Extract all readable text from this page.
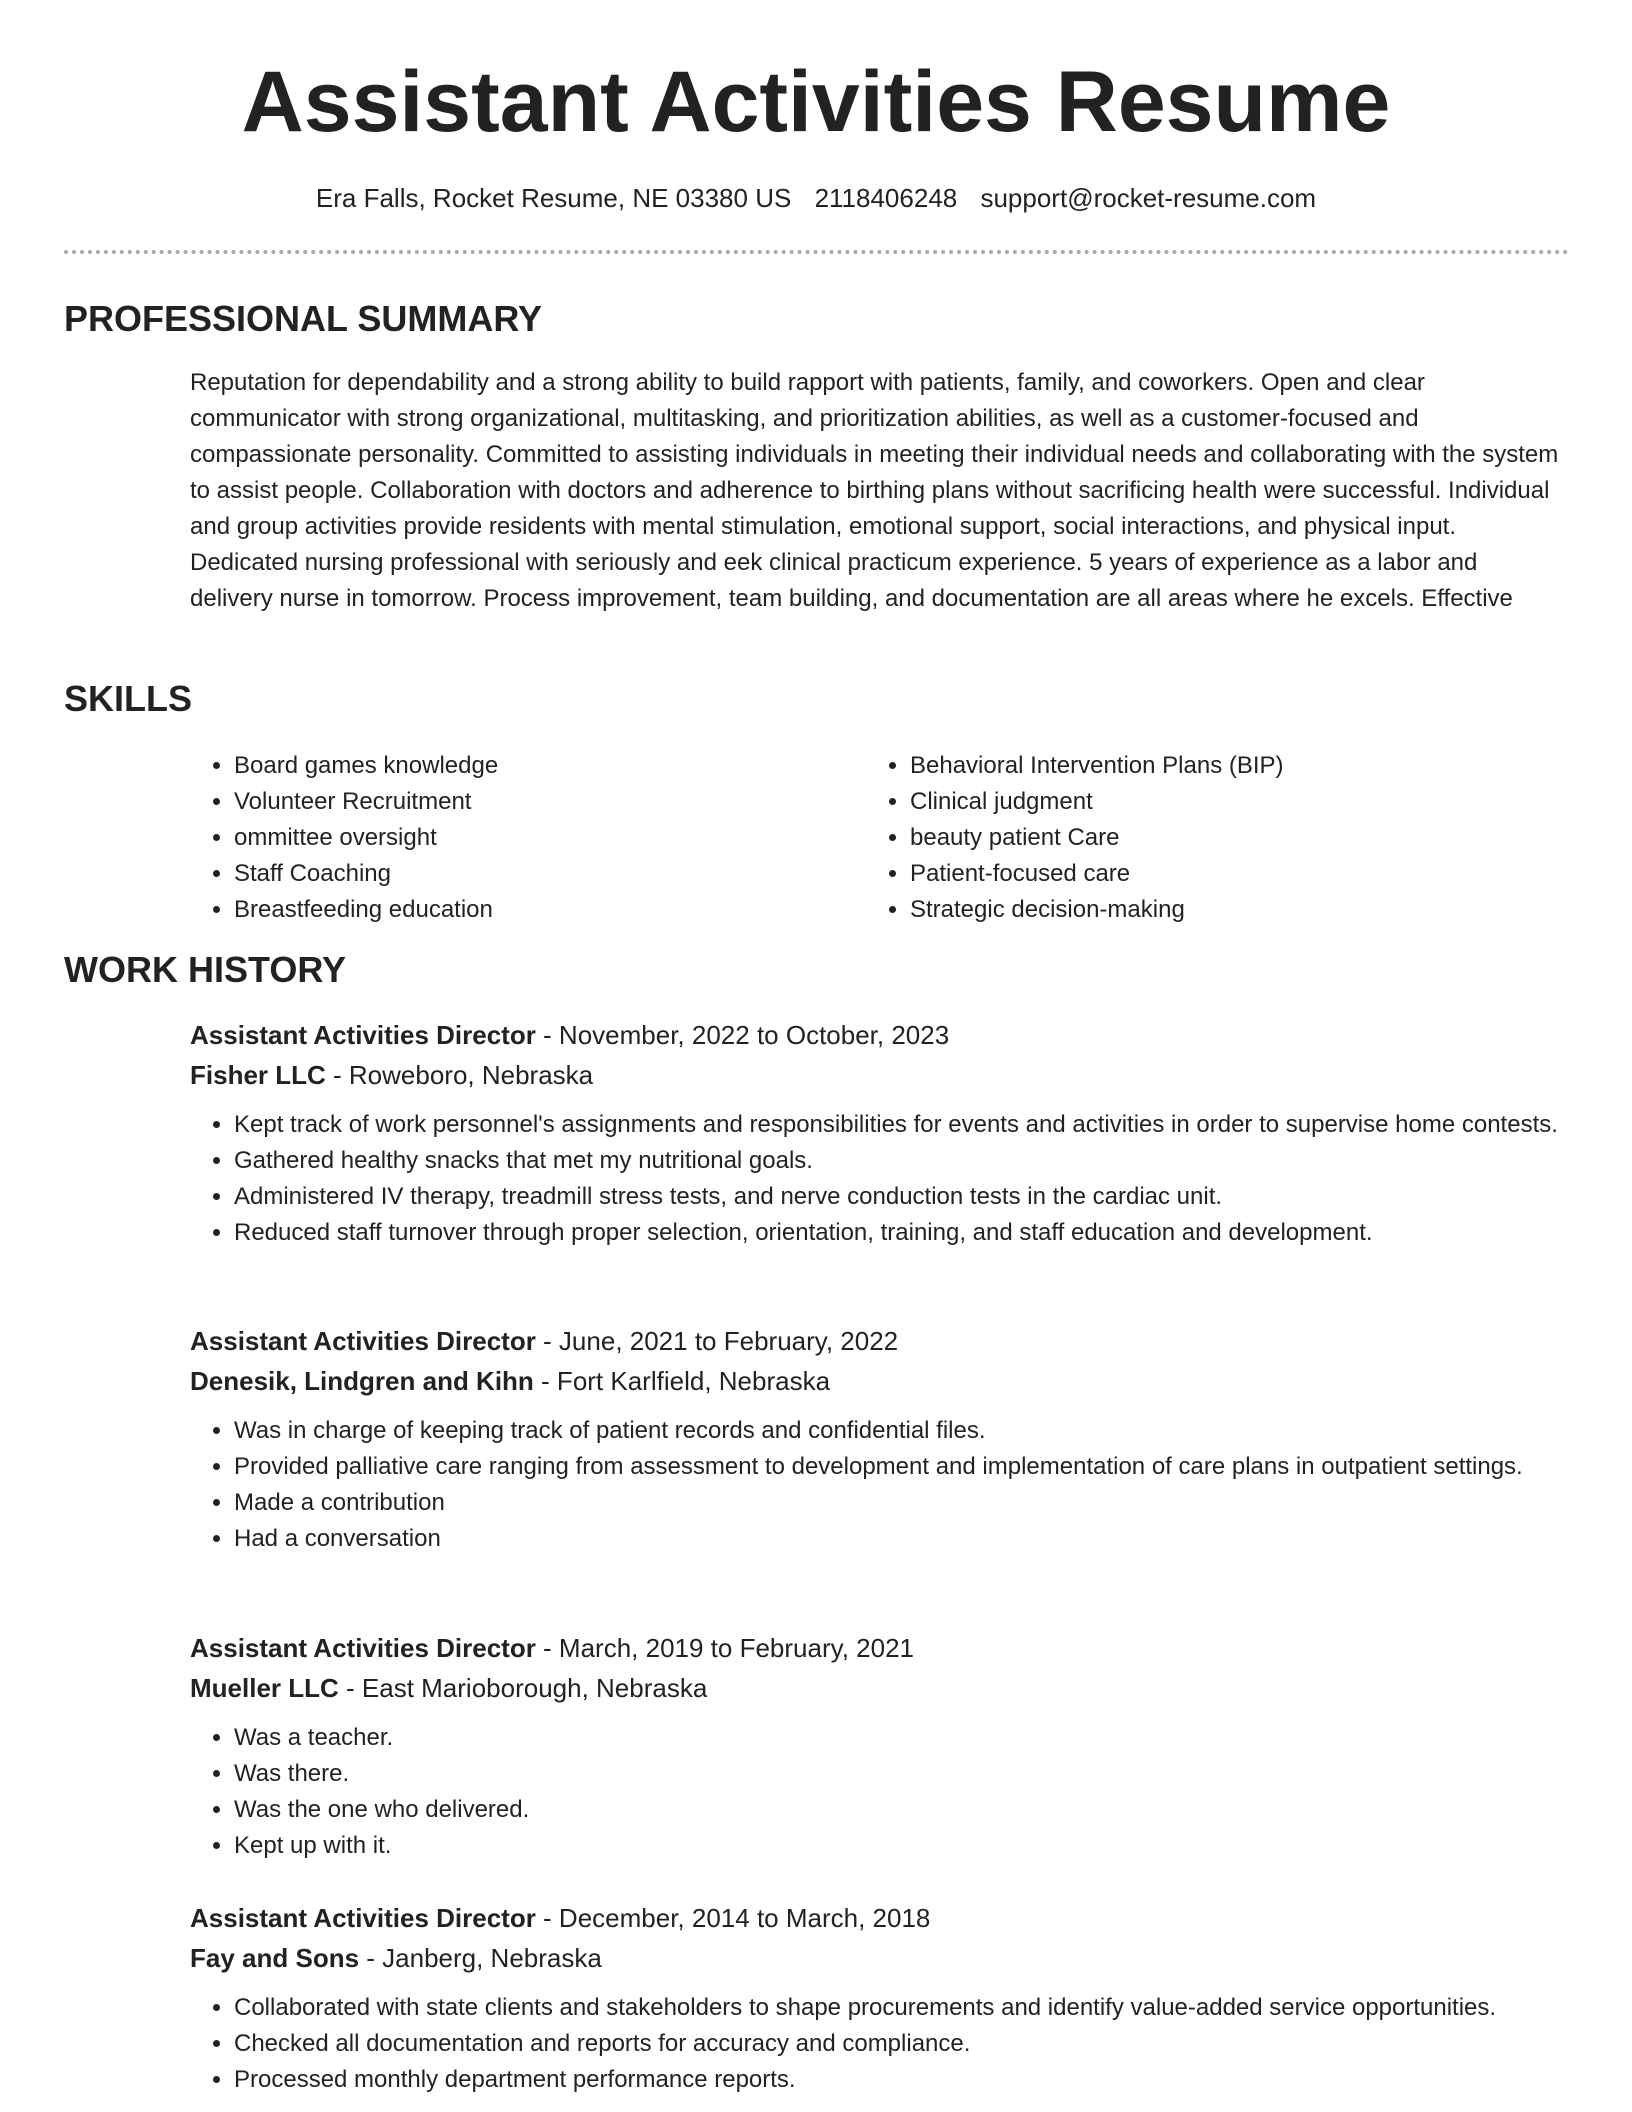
Assistant Activities Resume
Era Falls, Rocket Resume, NE 03380 US 2118406248 support@rocket-resume.com
PROFESSIONAL SUMMARY

Reputation for dependability and a strong ability to build rapport with patients, family, and coworkers. Open and clear communicator with strong organizational, multitasking, and prioritization abilities, as well as a customer-focused and compassionate personality. Committed to assisting individuals in meeting their individual needs and collaborating with the system to assist people. Collaboration with doctors and adherence to birthing plans without sacrificing health were successful. Individual and group activities provide residents with mental stimulation, emotional support, social interactions, and physical input. Dedicated nursing professional with seriously and eek clinical practicum experience. 5 years of experience as a labor and delivery nurse in tomorrow. Process improvement, team building, and documentation are all areas where he excels. Effective

SKILLS
• Board games knowledge
• Volunteer Recruitment
• ommittee oversight
• Staff Coaching
• Breastfeeding education
• Behavioral Intervention Plans (BIP)
• Clinical judgment
• beauty patient Care
• Patient-focused care
• Strategic decision-making
WORK HISTORY
Assistant Activities Director - November, 2022 to October, 2023
Fisher LLC - Roweboro, Nebraska
• Kept track of work personnel's assignments and responsibilities for events and activities in order to supervise home contests.
• Gathered healthy snacks that met my nutritional goals.
• Administered IV therapy, treadmill stress tests, and nerve conduction tests in the cardiac unit.
• Reduced staff turnover through proper selection, orientation, training, and staff education and development.
Assistant Activities Director - June, 2021 to February, 2022
Denesik, Lindgren and Kihn - Fort Karlfield, Nebraska
• Was in charge of keeping track of patient records and confidential files.
• Provided palliative care ranging from assessment to development and implementation of care plans in outpatient settings.
• Made a contribution
• Had a conversation
Assistant Activities Director - March, 2019 to February, 2021
Mueller LLC - East Marioborough, Nebraska
• Was a teacher.
• Was there.
• Was the one who delivered.
• Kept up with it.
Assistant Activities Director - December, 2014 to March, 2018
Fay and Sons - Janberg, Nebraska
• Collaborated with state clients and stakeholders to shape procurements and identify value-added service opportunities.
• Checked all documentation and reports for accuracy and compliance.
• Processed monthly department performance reports.
